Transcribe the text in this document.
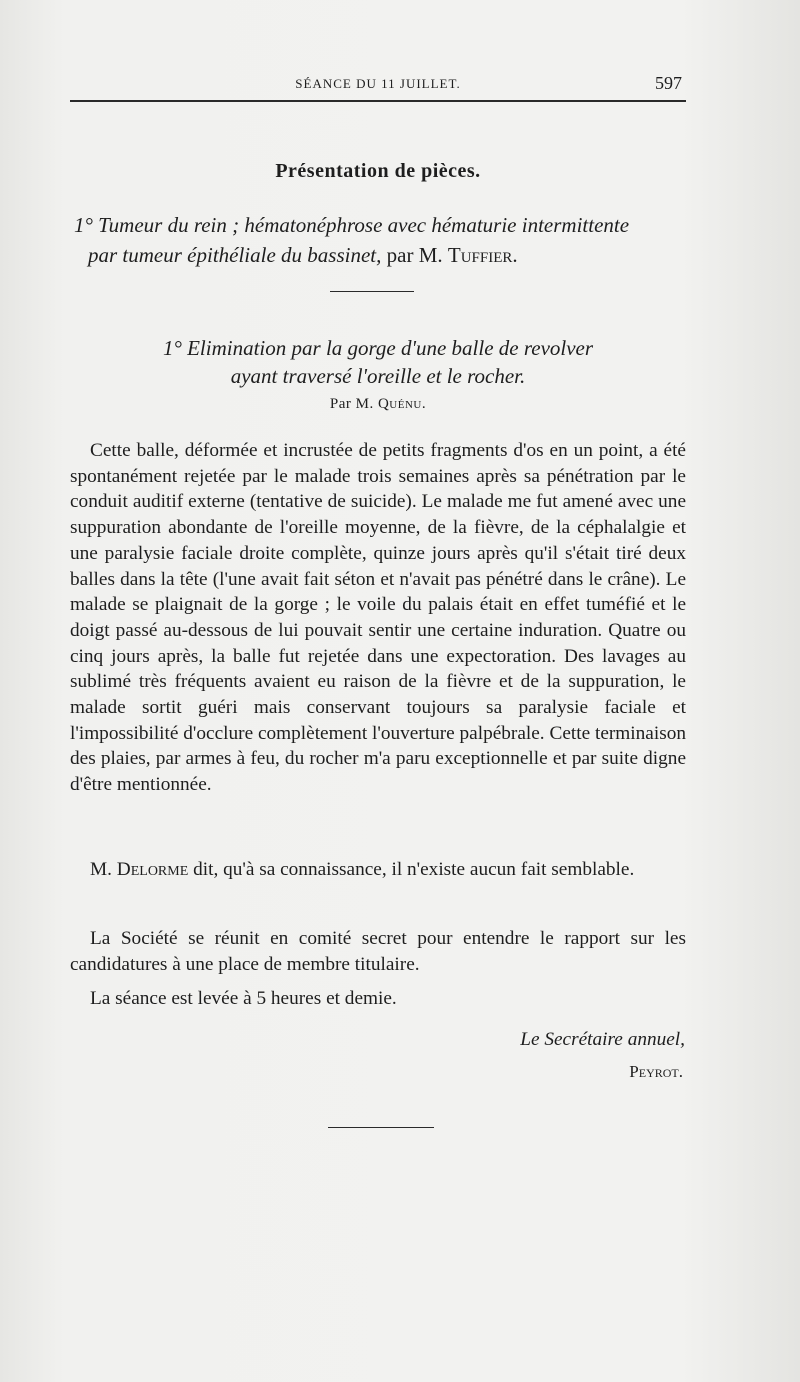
SÉANCE DU 11 JUILLET.	597
Présentation de pièces.
1° Tumeur du rein ; hématonéphrose avec hématurie intermittente
par tumeur épithéliale du bassinet, par M. Tuffier.
1° Elimination par la gorge d'une balle de revolver
ayant traversé l'oreille et le rocher.
Par M. Quénu.

Cette balle, déformée et incrustée de petits fragments d'os en un point, a été spontanément rejetée par le malade trois semaines après sa pénétration par le conduit auditif externe (tentative de suicide). Le malade me fut amené avec une suppuration abondante de l'oreille moyenne, de la fièvre, de la céphalalgie et une paralysie faciale droite complète, quinze jours après qu'il s'était tiré deux balles dans la tête (l'une avait fait séton et n'avait pas pénétré dans le crâne). Le malade se plaignait de la gorge ; le voile du palais était en effet tuméfié et le doigt passé au-dessous de lui pouvait sentir une certaine induration. Quatre ou cinq jours après, la balle fut rejetée dans une expectoration. Des lavages au sublimé très fréquents avaient eu raison de la fièvre et de la suppuration, le malade sortit guéri mais conservant toujours sa paralysie faciale et l'impossibilité d'occlure complètement l'ouverture palpébrale. Cette terminaison des plaies, par armes à feu, du rocher m'a paru exceptionnelle et par suite digne d'être mentionnée.

M. Delorme dit, qu'à sa connaissance, il n'existe aucun fait semblable.

La Société se réunit en comité secret pour entendre le rapport sur les candidatures à une place de membre titulaire.

La séance est levée à 5 heures et demie.

Le Secrétaire annuel,
Peyrot.
